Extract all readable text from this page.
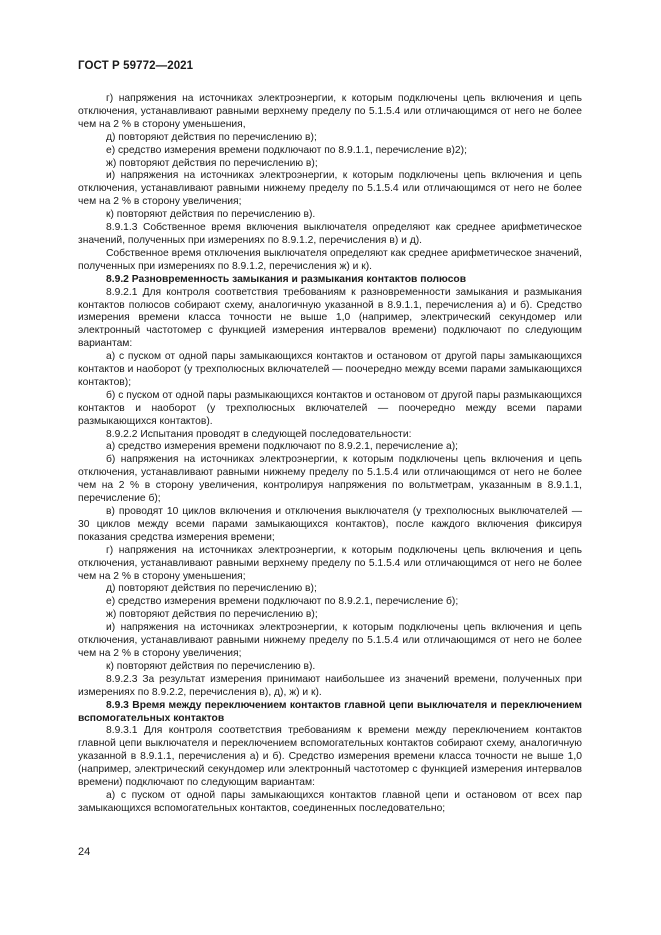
ГОСТ Р 59772—2021

г) напряжения на источниках электроэнергии, к которым подключены цепь включения и цепь отключения, устанавливают равными верхнему пределу по 5.1.5.4 или отличающимся от него не более чем на 2 % в сторону уменьшения,

д) повторяют действия по перечислению в);

е) средство измерения времени подключают по 8.9.1.1, перечисление в)2);

ж) повторяют действия по перечислению в);

и) напряжения на источниках электроэнергии, к которым подключены цепь включения и цепь отключения, устанавливают равными нижнему пределу по 5.1.5.4 или отличающимся от него не более чем на 2 % в сторону увеличения;

к) повторяют действия по перечислению в).

8.9.1.3 Собственное время включения выключателя определяют как среднее арифметическое значений, полученных при измерениях по 8.9.1.2, перечисления в) и д).

Собственное время отключения выключателя определяют как среднее арифметическое значений, полученных при измерениях по 8.9.1.2, перечисления ж) и к).

8.9.2 Разновременность замыкания и размыкания контактов полюсов

8.9.2.1 Для контроля соответствия требованиям к разновременности замыкания и размыкания контактов полюсов собирают схему, аналогичную указанной в 8.9.1.1, перечисления а) и б). Средство измерения времени класса точности не выше 1,0 (например, электрический секундомер или электронный частотомер с функцией измерения интервалов времени) подключают по следующим вариантам:

а) с пуском от одной пары замыкающихся контактов и остановом от другой пары замыкающихся контактов и наоборот (у трехполюсных включателей — поочередно между всеми парами замыкающихся контактов);

б) с пуском от одной пары размыкающихся контактов и остановом от другой пары размыкающихся контактов и наоборот (у трехполюсных включателей — поочередно между всеми парами размыкающихся контактов).

8.9.2.2 Испытания проводят в следующей последовательности:

а) средство измерения времени подключают по 8.9.2.1, перечисление а);

б) напряжения на источниках электроэнергии, к которым подключены цепь включения и цепь отключения, устанавливают равными нижнему пределу по 5.1.5.4 или отличающимся от него не более чем на 2 % в сторону увеличения, контролируя напряжения по вольтметрам, указанным в 8.9.1.1, перечисление б);

в) проводят 10 циклов включения и отключения выключателя (у трехполюсных выключателей — 30 циклов между всеми парами замыкающихся контактов), после каждого включения фиксируя показания средства измерения времени;

г) напряжения на источниках электроэнергии, к которым подключены цепь включения и цепь отключения, устанавливают равными верхнему пределу по 5.1.5.4 или отличающимся от него не более чем на 2 % в сторону уменьшения;

д) повторяют действия по перечислению в);

е) средство измерения времени подключают по 8.9.2.1, перечисление б);

ж) повторяют действия по перечислению в);

и) напряжения на источниках электроэнергии, к которым подключены цепь включения и цепь отключения, устанавливают равными нижнему пределу по 5.1.5.4 или отличающимся от него не более чем на 2 % в сторону увеличения;

к) повторяют действия по перечислению в).

8.9.2.3 За результат измерения принимают наибольшее из значений времени, полученных при измерениях по 8.9.2.2, перечисления в), д), ж) и к).

8.9.3 Время между переключением контактов главной цепи выключателя и переключением вспомогательных контактов

8.9.3.1 Для контроля соответствия требованиям к времени между переключением контактов главной цепи выключателя и переключением вспомогательных контактов собирают схему, аналогичную указанной в 8.9.1.1, перечисления а) и б). Средство измерения времени класса точности не выше 1,0 (например, электрический секундомер или электронный частотомер с функцией измерения интервалов времени) подключают по следующим вариантам:

а) с пуском от одной пары замыкающихся контактов главной цепи и остановом от всех пар замыкающихся вспомогательных контактов, соединенных последовательно;

24
